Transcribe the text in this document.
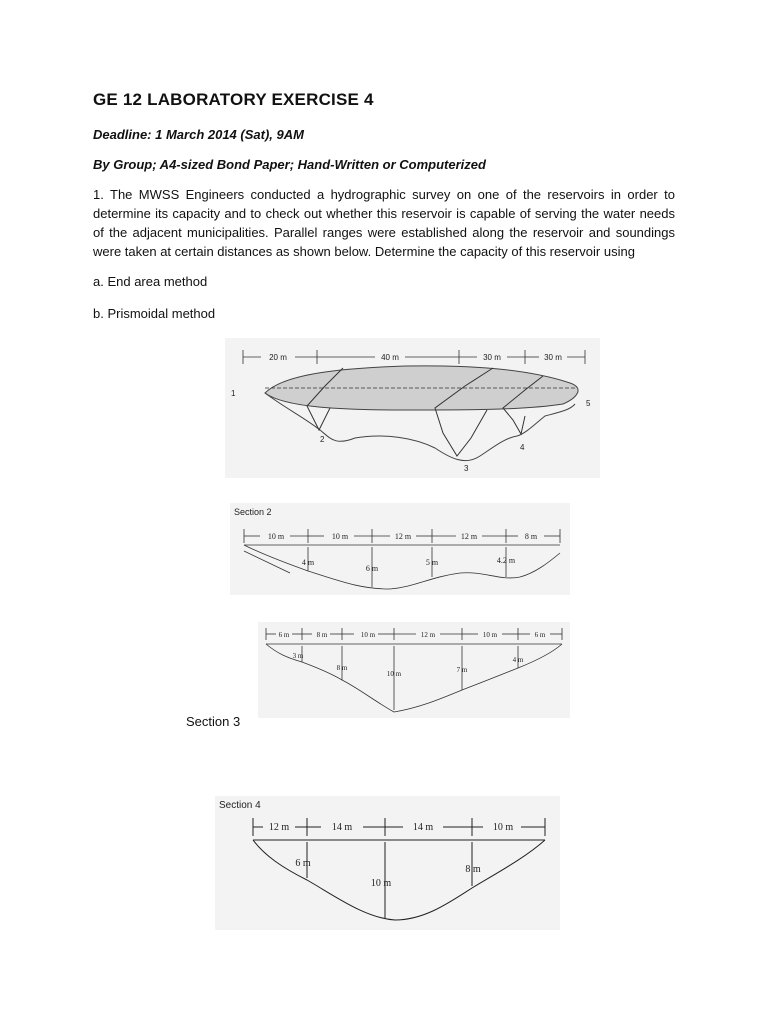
GE 12 LABORATORY EXERCISE 4
Deadline: 1 March 2014 (Sat), 9AM
By Group; A4-sized Bond Paper; Hand-Written or Computerized

1. The MWSS Engineers conducted a hydrographic survey on one of the reservoirs in order to determine its capacity and to check out whether this reservoir is capable of serving the water needs of the adjacent municipalities. Parallel ranges were established along the reservoir and soundings were taken at certain distances as shown below. Determine the capacity of this reservoir using

a. End area method
b. Prismoidal method
20 m	40 m	30 m	30 m
1
2
3
4
5
Section 2
10 m	10 m	12 m	12 m	8 m
4 m
6 m
5 m	4.2 m
6 m	8 m	10 m	12 m	10 m	6 m
3 m
8 m
10 m	7 m
4 m
Section 3
Section 4
12 m	14 m	14 m	10 m
6 m
10 m
8 m
